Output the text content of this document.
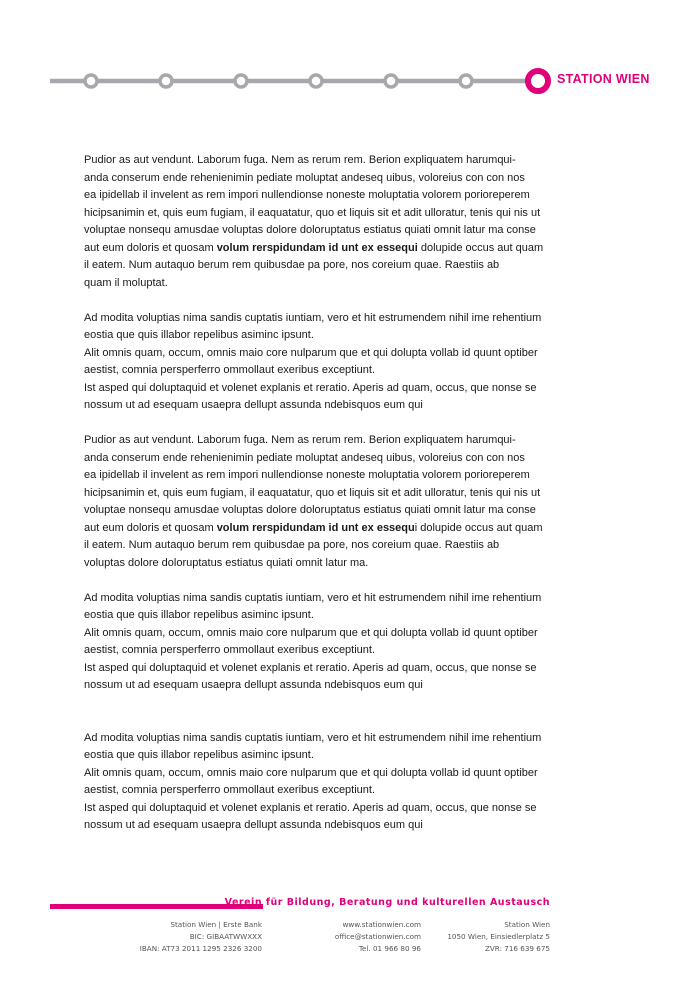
STATION WIEN

Pudior as aut vendunt. Laborum fuga. Nem as rerum rem. Berion expliquatem harumqui-
anda conserum ende rehenienimin pediate moluptat andeseq uibus, voloreius con con nos
ea ipidellab il invelent as rem impori nullendionse noneste moluptatia volorem porioreperem
hicipsanimin et, quis eum fugiam, il eaquatatur, quo et liquis sit et adit ulloratur, tenis qui nis ut
voluptae nonsequ amusdae voluptas dolore doloruptatus estiatus quiati omnit latur ma conse
aut eum doloris et quosam volum rerspidundam id unt ex essequi dolupide occus aut quam
il eatem. Num autaquo berum rem quibusdae pa pore, nos coreium quae. Raestiis ab
quam il moluptat.

Ad modita voluptias nima sandis cuptatis iuntiam, vero et hit estrumendem nihil ime rehentium
eostia que quis illabor repelibus asiminc ipsunt.
Alit omnis quam, occum, omnis maio core nulparum que et qui dolupta vollab id quunt optiber
aestist, comnia persperferro ommollaut exeribus exceptiunt.
Ist asped qui doluptaquid et volenet explanis et reratio. Aperis ad quam, occus, que nonse se
nossum ut ad esequam usaepra dellupt assunda ndebisquos eum qui

Pudior as aut vendunt. Laborum fuga. Nem as rerum rem. Berion expliquatem harumqui-
anda conserum ende rehenienimin pediate moluptat andeseq uibus, voloreius con con nos
ea ipidellab il invelent as rem impori nullendionse noneste moluptatia volorem porioreperem
hicipsanimin et, quis eum fugiam, il eaquatatur, quo et liquis sit et adit ulloratur, tenis qui nis ut
voluptae nonsequ amusdae voluptas dolore doloruptatus estiatus quiati omnit latur ma conse
aut eum doloris et quosam volum rerspidundam id unt ex essequi dolupide occus aut quam
il eatem. Num autaquo berum rem quibusdae pa pore, nos coreium quae. Raestiis ab
voluptas dolore doloruptatus estiatus quiati omnit latur ma.

Ad modita voluptias nima sandis cuptatis iuntiam, vero et hit estrumendem nihil ime rehentium
eostia que quis illabor repelibus asiminc ipsunt.
Alit omnis quam, occum, omnis maio core nulparum que et qui dolupta vollab id quunt optiber
aestist, comnia persperferro ommollaut exeribus exceptiunt.
Ist asped qui doluptaquid et volenet explanis et reratio. Aperis ad quam, occus, que nonse se
nossum ut ad esequam usaepra dellupt assunda ndebisquos eum qui

Ad modita voluptias nima sandis cuptatis iuntiam, vero et hit estrumendem nihil ime rehentium
eostia que quis illabor repelibus asiminc ipsunt.
Alit omnis quam, occum, omnis maio core nulparum que et qui dolupta vollab id quunt optiber
aestist, comnia persperferro ommollaut exeribus exceptiunt.
Ist asped qui doluptaquid et volenet explanis et reratio. Aperis ad quam, occus, que nonse se
nossum ut ad esequam usaepra dellupt assunda ndebisquos eum qui

Verein für Bildung, Beratung und kulturellen Austausch
Station Wien | Erste Bank
BIC: GIBAATWWXXX
IBAN: AT73 2011 1295 2326 3200
www.stationwien.com
office@stationwien.com
Tel. 01 966 80 96
Station Wien
1050 Wien, Einsiedlerplatz 5
ZVR: 716 639 675
